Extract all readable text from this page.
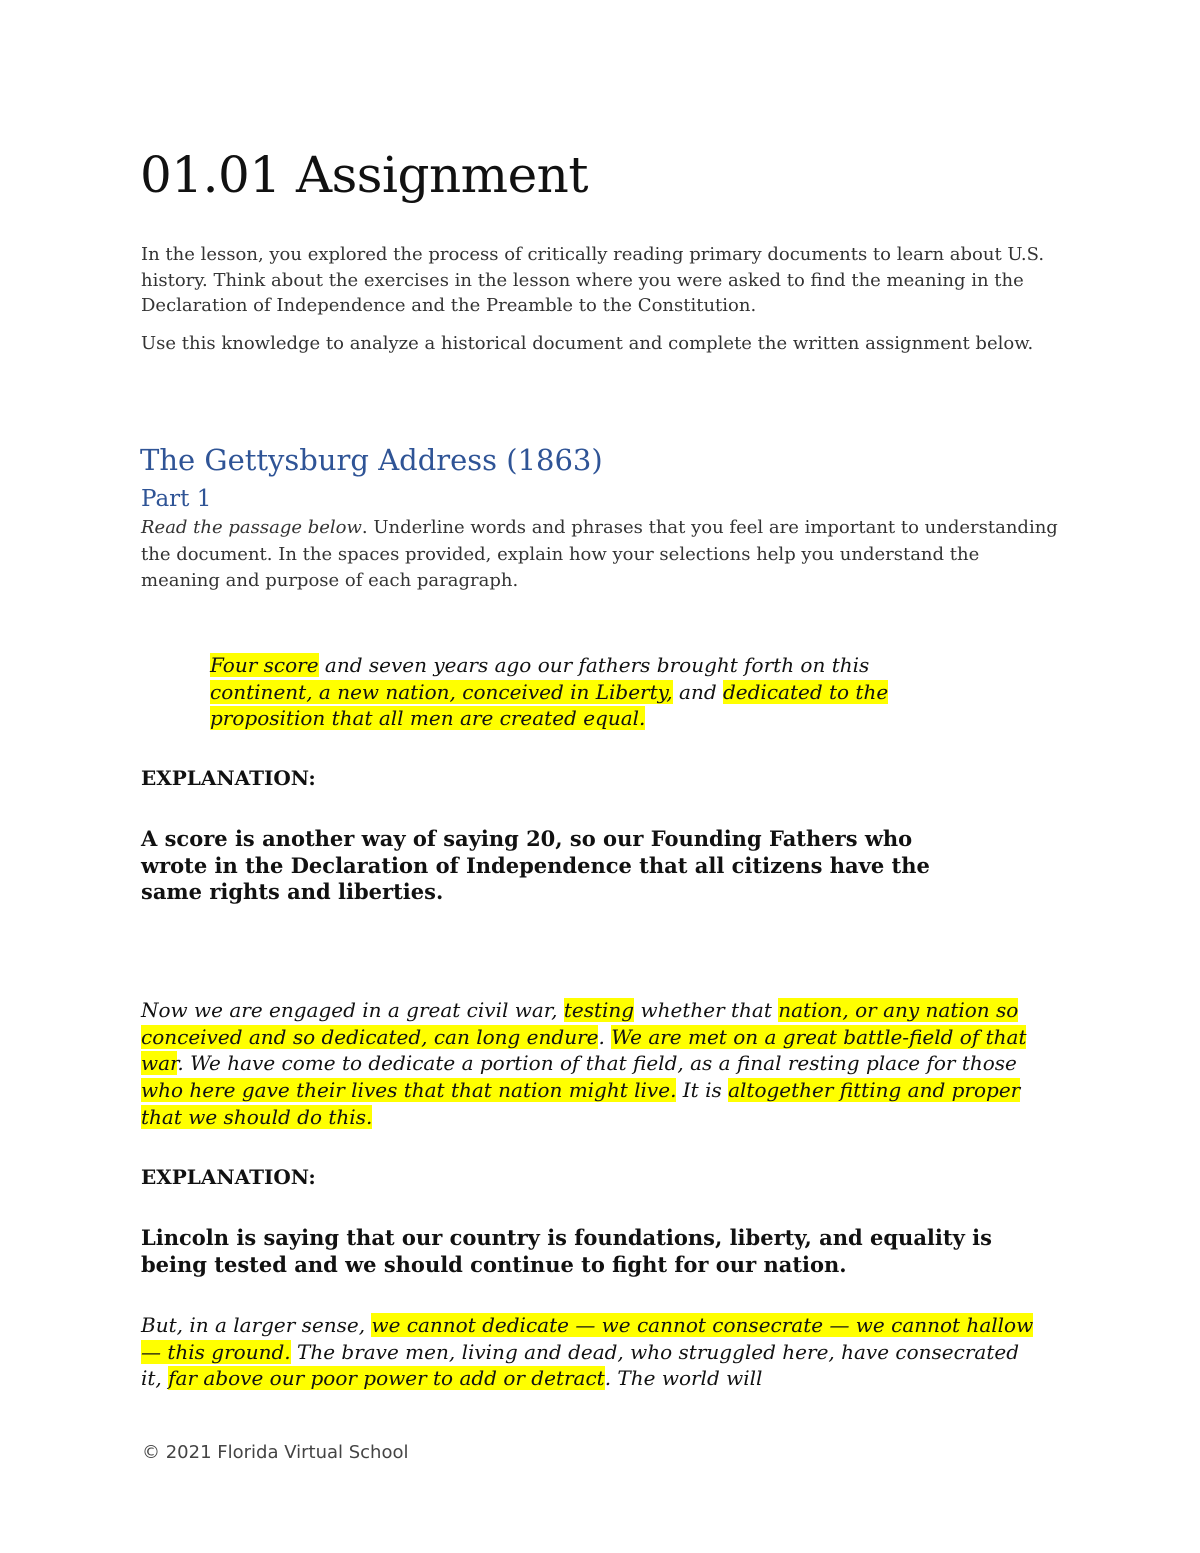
01.01 Assignment

In the lesson, you explored the process of critically reading primary documents to learn about U.S. history. Think about the exercises in the lesson where you were asked to find the meaning in the Declaration of Independence and the Preamble to the Constitution.

Use this knowledge to analyze a historical document and complete the written assignment below.

The Gettysburg Address (1863)
Part 1

Read the passage below. Underline words and phrases that you feel are important to understanding the document. In the spaces provided, explain how your selections help you understand the meaning and purpose of each paragraph.

Four score and seven years ago our fathers brought forth on this continent, a new nation, conceived in Liberty, and dedicated to the proposition that all men are created equal.

EXPLANATION:

A score is another way of saying 20, so our Founding Fathers who wrote in the Declaration of Independence that all citizens have the same rights and liberties.

Now we are engaged in a great civil war, testing whether that nation, or any nation so conceived and so dedicated, can long endure. We are met on a great battle-field of that war. We have come to dedicate a portion of that field, as a final resting place for those who here gave their lives that that nation might live. It is altogether fitting and proper that we should do this.

EXPLANATION:

Lincoln is saying that our country is foundations, liberty, and equality is being tested and we should continue to fight for our nation.

But, in a larger sense, we cannot dedicate — we cannot consecrate — we cannot hallow — this ground. The brave men, living and dead, who struggled here, have consecrated it, far above our poor power to add or detract. The world will

© 2021 Florida Virtual School
